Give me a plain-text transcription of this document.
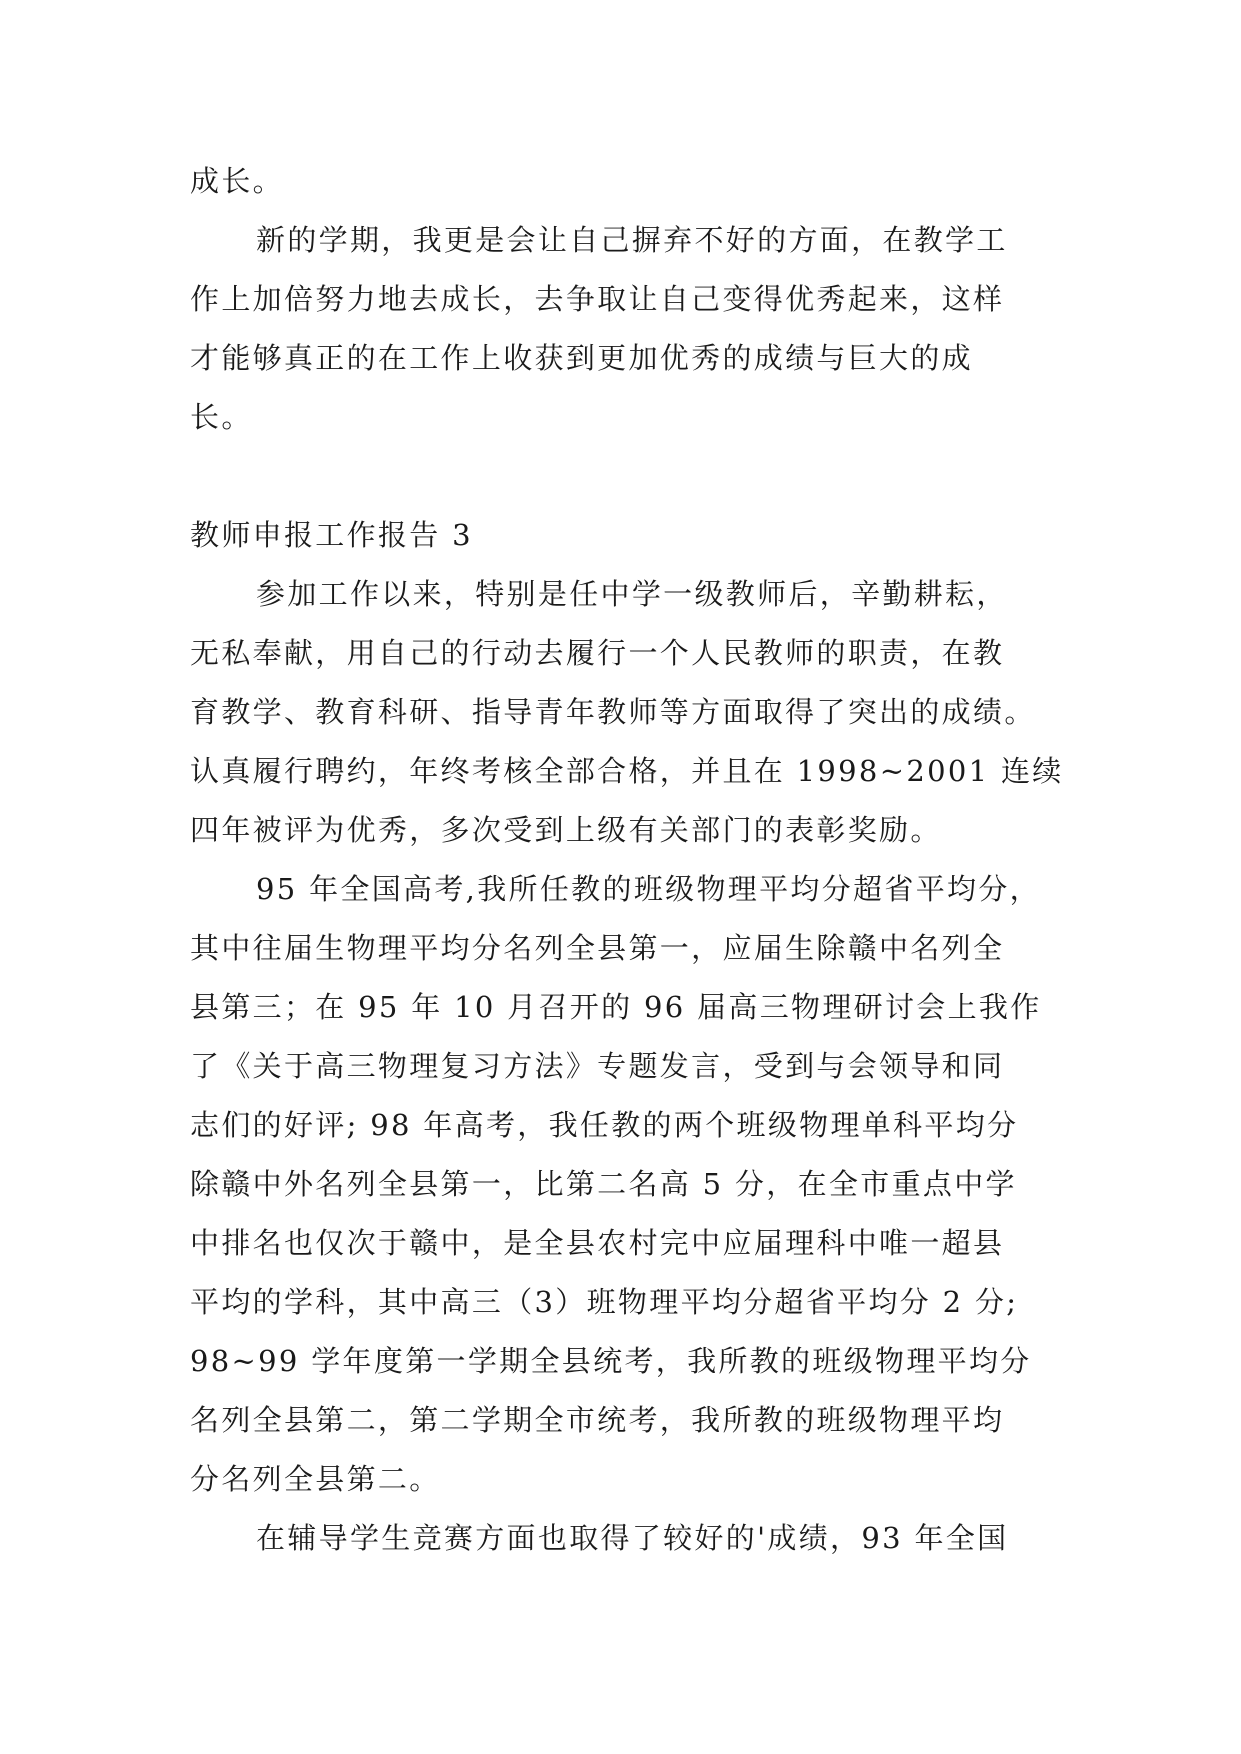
成长。
新的学期，我更是会让自己摒弃不好的方面，在教学工
作上加倍努力地去成长，去争取让自己变得优秀起来，这样
才能够真正的在工作上收获到更加优秀的成绩与巨大的成
长。
教师申报工作报告 3
参加工作以来，特别是任中学一级教师后，辛勤耕耘，
无私奉献，用自己的行动去履行一个人民教师的职责，在教
育教学、教育科研、指导青年教师等方面取得了突出的成绩。
认真履行聘约，年终考核全部合格，并且在 1998~2001 连续
四年被评为优秀，多次受到上级有关部门的表彰奖励。
95 年全国高考,我所任教的班级物理平均分超省平均分，
其中往届生物理平均分名列全县第一，应届生除赣中名列全
县第三；在 95 年 10 月召开的 96 届高三物理研讨会上我作
了《关于高三物理复习方法》专题发言，受到与会领导和同
志们的好评; 98 年高考，我任教的两个班级物理单科平均分
除赣中外名列全县第一，比第二名高 5 分，在全市重点中学
中排名也仅次于赣中，是全县农村完中应届理科中唯一超县
平均的学科，其中高三（3）班物理平均分超省平均分 2 分;
98~99 学年度第一学期全县统考，我所教的班级物理平均分
名列全县第二，第二学期全市统考，我所教的班级物理平均
分名列全县第二。
在辅导学生竞赛方面也取得了较好的'成绩，93 年全国
